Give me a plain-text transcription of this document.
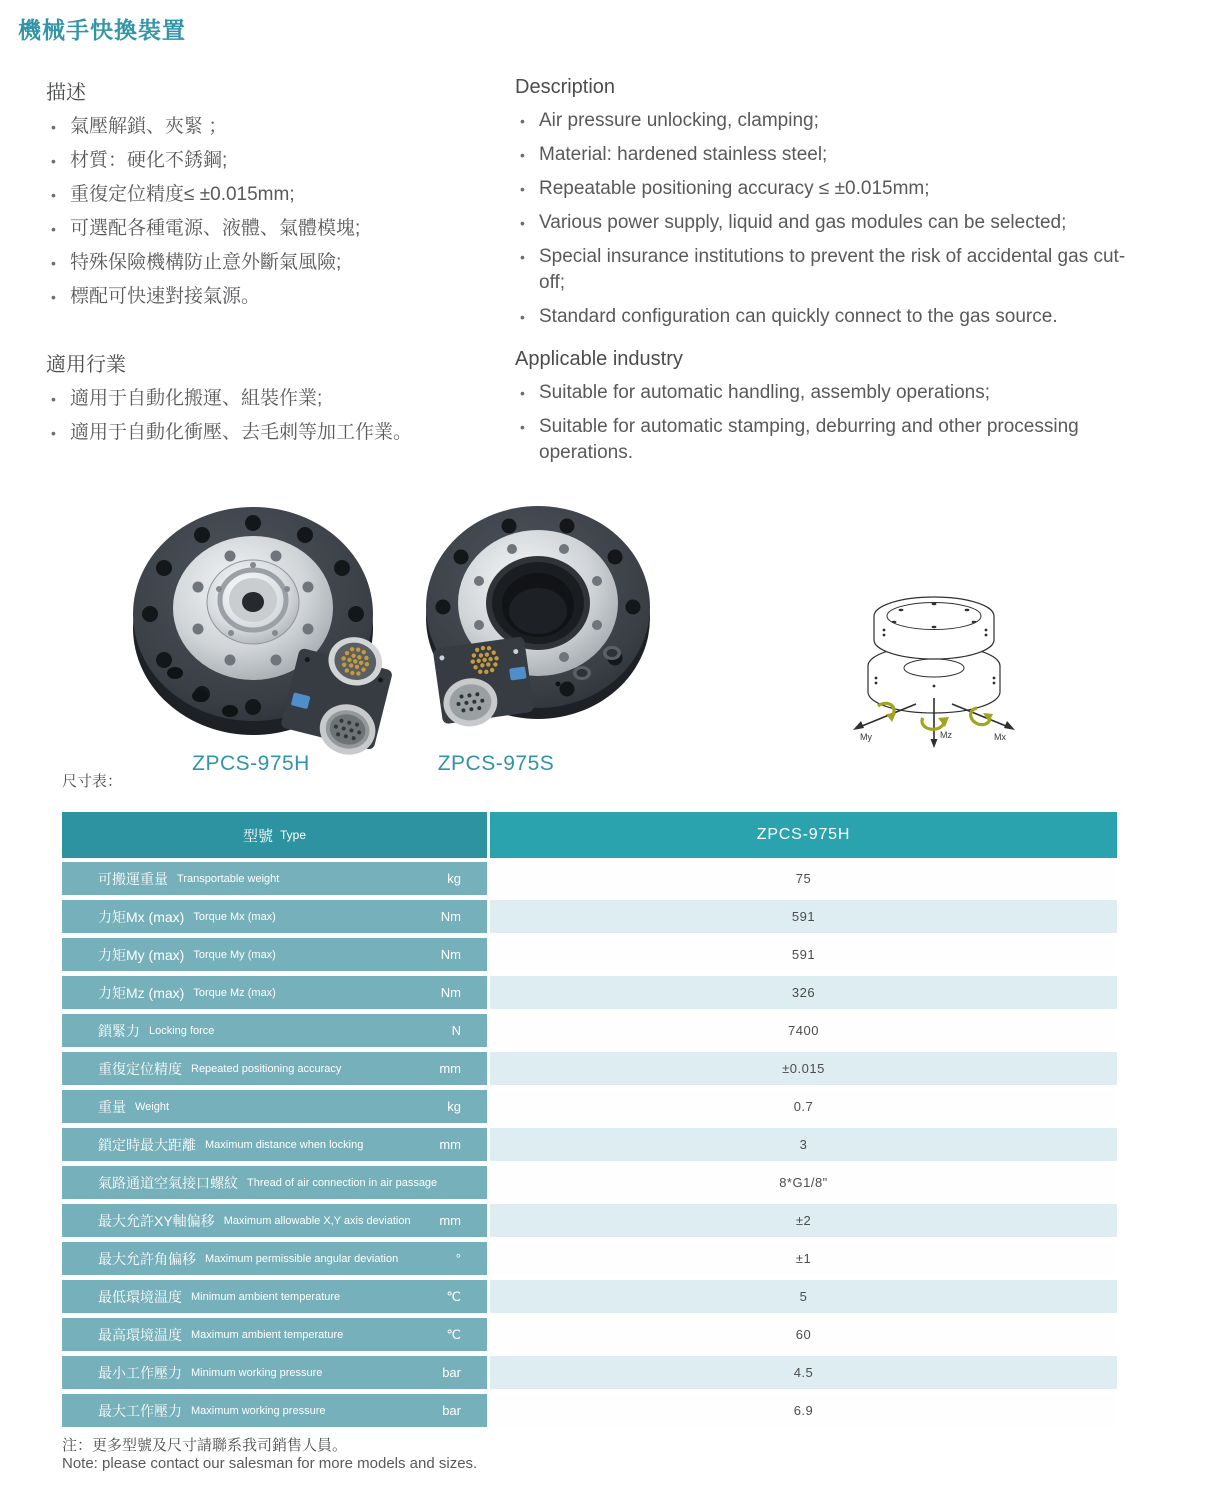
機械手快換裝置
描述
• 氣壓解鎖、夾緊 ；
• 材質：硬化不銹鋼;
• 重復定位精度≤ ±0.015mm;
• 可選配各種電源、液體、氣體模塊;
• 特殊保險機構防止意外斷氣風險;
• 標配可快速對接氣源。
Description
• Air pressure unlocking, clamping;
• Material: hardened stainless steel;
• Repeatable positioning accuracy ≤ ±0.015mm;
• Various power supply, liquid and gas modules can be selected;
• Special insurance institutions to prevent the risk of accidental gas cut-off;
• Standard configuration can quickly connect to the gas source.
適用行業
• 適用于自動化搬運、組裝作業;
• 適用于自動化衝壓、去毛刺等加工作業。
Applicable industry
• Suitable for automatic handling, assembly operations;
• Suitable for automatic stamping, deburring and other processing operations.
My	Mz	Mx
ZPCS-975H	ZPCS-975S
尺寸表：
型號 Type	ZPCS-975H
可搬運重量 Transportable weight	kg	75
力矩Mx (max) Torque Mx (max)	Nm	591
力矩My (max) Torque My (max)	Nm	591
力矩Mz (max) Torque Mz (max)	Nm	326
鎖緊力 Locking force	N	7400
重復定位精度 Repeated positioning accuracy	mm	±0.015
重量 Weight	kg	0.7
鎖定時最大距離 Maximum distance when locking	mm	3
氣路通道空氣接口螺紋 Thread of air connection in air passage	8*G1/8"
最大允許XY軸偏移 Maximum allowable X,Y axis deviation mm	±2
最大允許角偏移 Maximum permissible angular deviation	°	±1
最低環境温度 Minimum ambient temperature	℃	5
最高環境温度 Maximum ambient temperature	℃	60
最小工作壓力 Minimum working pressure	bar	4.5
最大工作壓力 Maximum working pressure	bar	6.9
注：更多型號及尺寸請聯系我司銷售人員。
Note: please contact our salesman for more models and sizes.
